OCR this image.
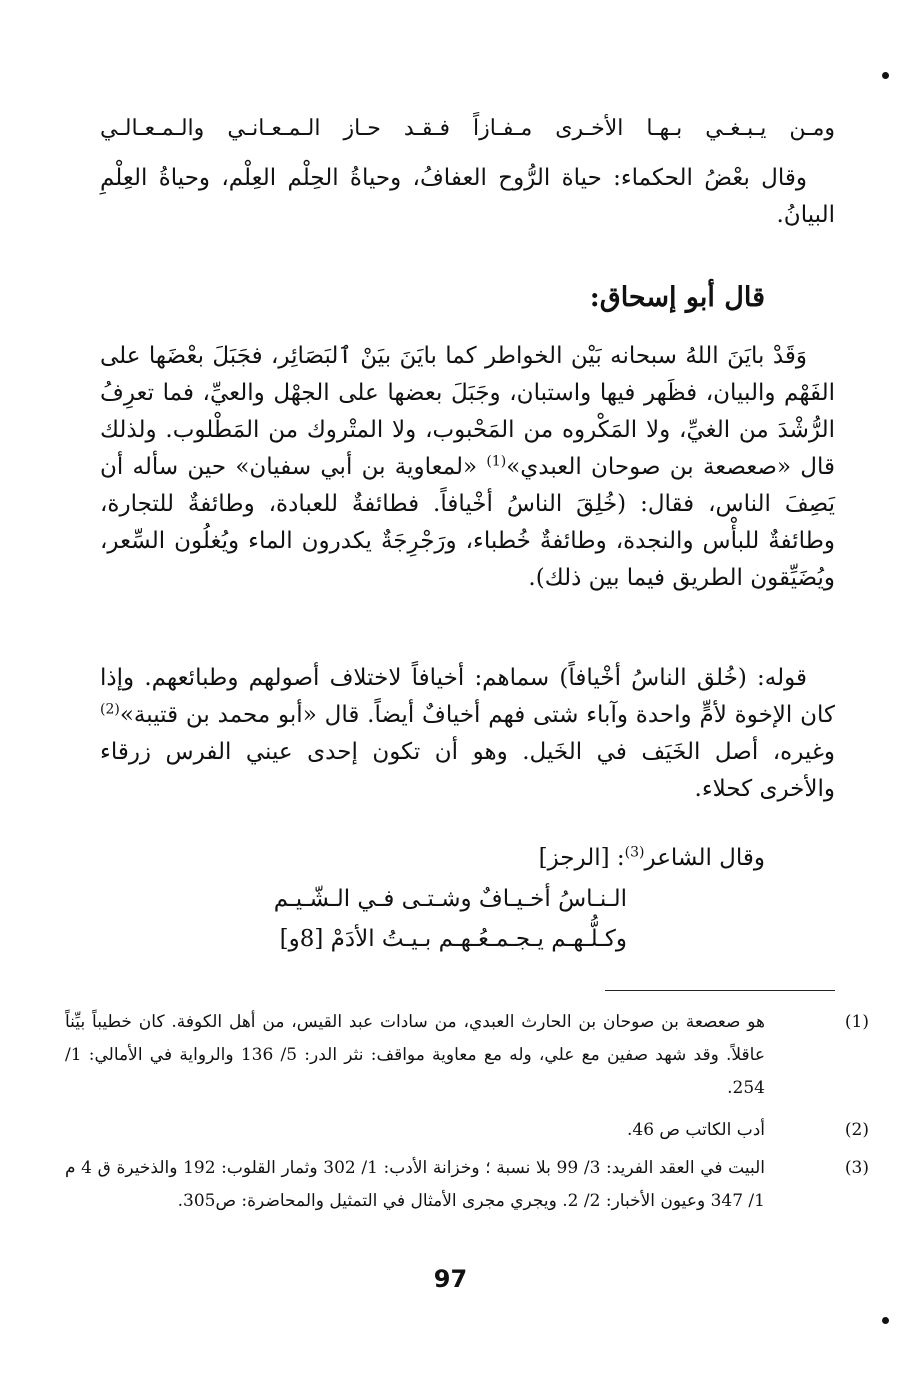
ومـن يـبـغـي بـهـا الأخـرى مـفـازاً فـقـد حـاز الـمـعـانـي والـمـعـالـي

وقال بعْضُ الحكماء: حياة الرُّوح العفافُ، وحياةُ الحِلْم العِلْم، وحياةُ العِلْمِ البيانُ.

قال أبو إسحاق:

وَقَدْ بايَنَ اللهُ سبحانه بَيْن الخواطر كما بايَنَ بيَنْ ٱلبَصَائِر، فجَبَلَ بعْضَها على الفَهْم والبيان، فظَهر فيها واستبان، وجَبَلَ بعضها على الجهْل والعيِّ، فما تعرِفُ الرُّشْدَ من الغيِّ، ولا المَكْروه من المَحْبوب، ولا المتْروك من المَطْلوب. ولذلك قال «صعصعة بن صوحان العبدي»$^{(1)}$ «لمعاوية بن أبي سفيان» حين سأله أن يَصِفَ الناس، فقال: (خُلِقَ الناسُ أخْيافاً. فطائفةٌ للعبادة، وطائفةٌ للتجارة، وطائفةٌ للبأْس والنجدة، وطائفةٌ خُطباء، ورَجْرِجَةٌ يكدرون الماء ويُغلُون السِّعر، ويُضَيِّقون الطريق فيما بين ذلك).

قوله: (خُلق الناسُ أخْيافاً) سماهم: أخيافاً لاختلاف أصولهم وطبائعهم. وإذا كان الإخوة لأمٍّ واحدة وآباء شتى فهم أخيافٌ أيضاً. قال «أبو محمد بن قتيبة»$^{(2)}$ وغيره، أصل الخَيَف في الخَيل. وهو أن تكون إحدى عيني الفرس زرقاء والأخرى كحلاء.

وقال الشاعر$^{(3)}$: [الرجز]
الـنـاسُ أخـيـافٌ وشـتـى فـي الـشّـيـم
وكـلُّـهـم يـجـمـعُـهـم بـيـتُ الأدَمْ [8و]
(1)

هو صعصعة بن صوحان بن الحارث العبدي، من سادات عبد القيس، من أهل الكوفة. كان خطيباً بيِّناً عاقلاً. وقد شهد صفين مع علي، وله مع معاوية مواقف: نثر الدر: 5/ 136 والرواية في الأمالي: 1/ 254.

(2)

أدب الكاتب ص 46.

(3)

البيت في العقد الفريد: 3/ 99 بلا نسبة ؛ وخزانة الأدب: 1/ 302 وثمار القلوب: 192 والذخيرة ق 4 م 1/ 347 وعيون الأخبار: 2/ 2. ويجري مجرى الأمثال في التمثيل والمحاضرة: ص305.

97
